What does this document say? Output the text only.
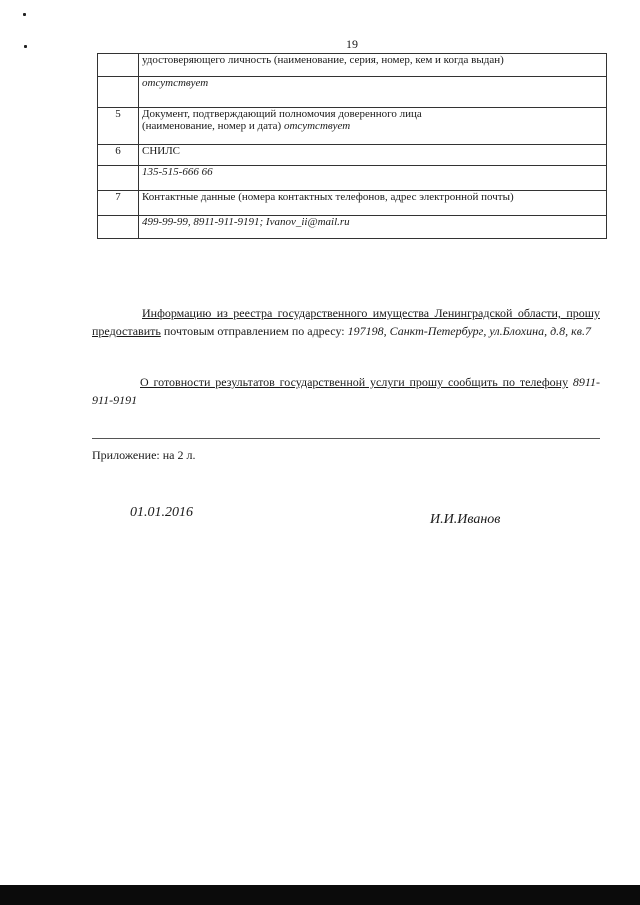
19
	удостоверяющего личность (наименование, серия, номер, кем и когда выдан)
	отсутствует
5	Документ, подтверждающий полномочия доверенного лица
(наименование, номер и дата) отсутствует

6	СНИЛС
	135-515-666 66
7	Контактные данные (номера контактных телефонов, адрес электронной почты)
	499-99-99, 8911-911-9191; Ivanov_ii@mail.ru
Информацию из реестра государственного имущества Ленинградской области, прошу предоставить почтовым отправлением по адресу: 197198, Санкт-Петербург, ул.Блохина, д.8, кв.7
О готовности результатов государственной услуги прошу сообщить по телефону 8911-911-9191
Приложение: на 2 л.
01.01.2016	И.И.Иванов
